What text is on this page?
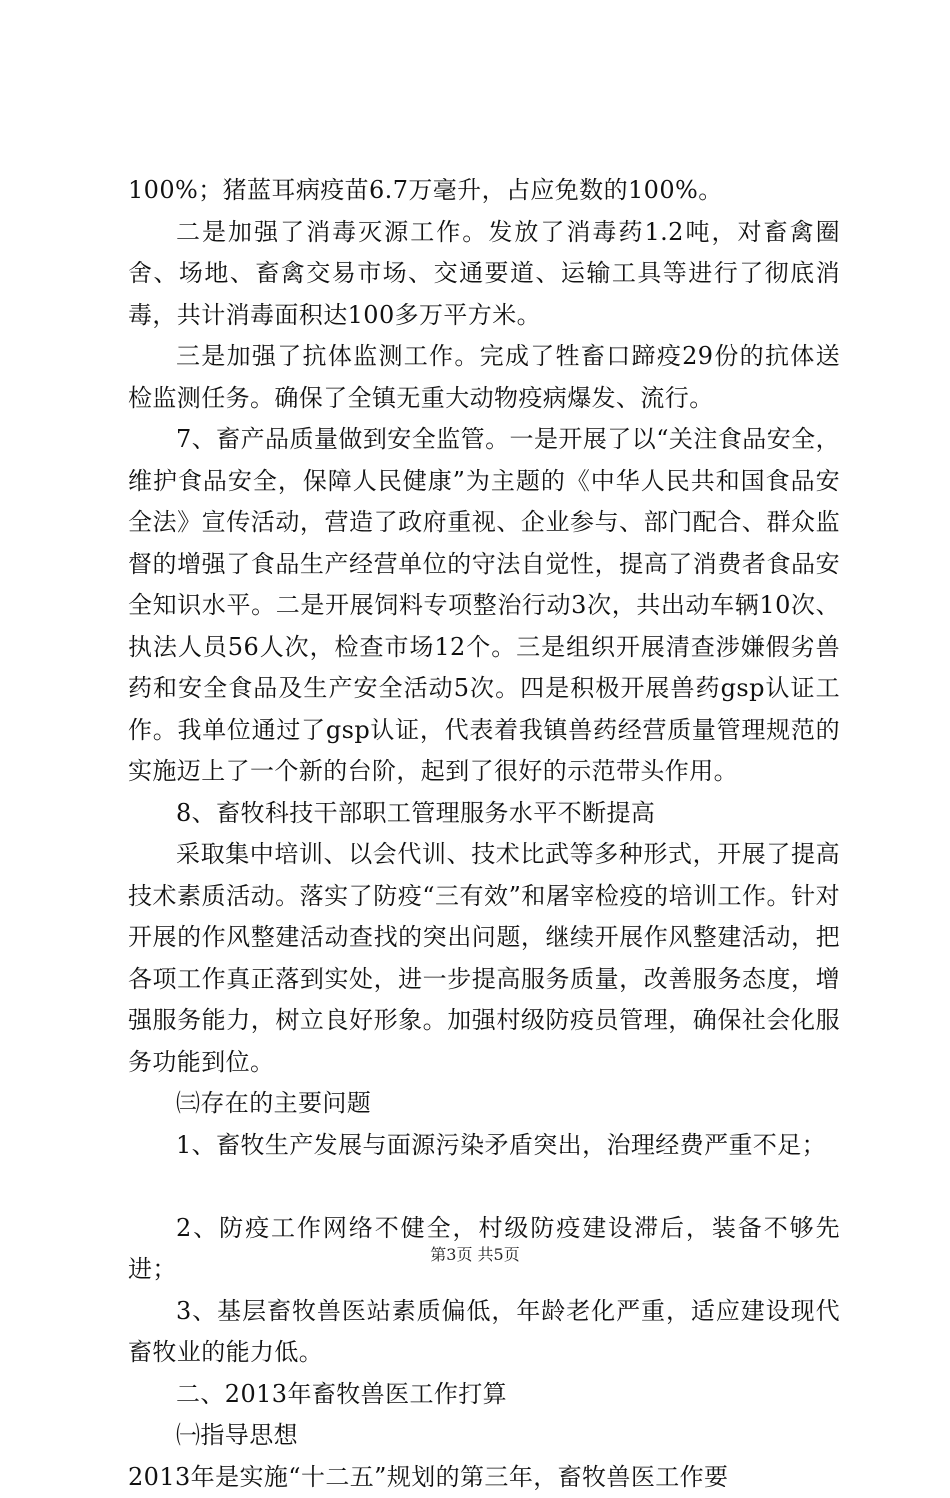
100%；猪蓝耳病疫苗6.7万毫升，占应免数的100%。

二是加强了消毒灭源工作。发放了消毒药1.2吨，对畜禽圈舍、场地、畜禽交易市场、交通要道、运输工具等进行了彻底消毒，共计消毒面积达100多万平方米。

三是加强了抗体监测工作。完成了牲畜口蹄疫29份的抗体送检监测任务。确保了全镇无重大动物疫病爆发、流行。

7、畜产品质量做到安全监管。一是开展了以“关注食品安全，维护食品安全，保障人民健康”为主题的《中华人民共和国食品安全法》宣传活动，营造了政府重视、企业参与、部门配合、群众监督的增强了食品生产经营单位的守法自觉性，提高了消费者食品安全知识水平。二是开展饲料专项整治行动3次，共出动车辆10次、执法人员56人次，检查市场12个。三是组织开展清查涉嫌假劣兽药和安全食品及生产安全活动5次。四是积极开展兽药gsp认证工作。我单位通过了gsp认证，代表着我镇兽药经营质量管理规范的实施迈上了一个新的台阶，起到了很好的示范带头作用。

8、畜牧科技干部职工管理服务水平不断提高

采取集中培训、以会代训、技术比武等多种形式，开展了提高技术素质活动。落实了防疫“三有效”和屠宰检疫的培训工作。针对开展的作风整建活动查找的突出问题，继续开展作风整建活动，把各项工作真正落到实处，进一步提高服务质量，改善服务态度，增强服务能力，树立良好形象。加强村级防疫员管理，确保社会化服务功能到位。

㈢存在的主要问题

1、畜牧生产发展与面源污染矛盾突出，治理经费严重不足；

2、防疫工作网络不健全，村级防疫建设滞后，装备不够先进；

3、基层畜牧兽医站素质偏低，年龄老化严重，适应建设现代畜牧业的能力低。

二、2013年畜牧兽医工作打算

㈠指导思想

2013年是实施“十二五”规划的第三年，畜牧兽医工作要

第3页 共5页
